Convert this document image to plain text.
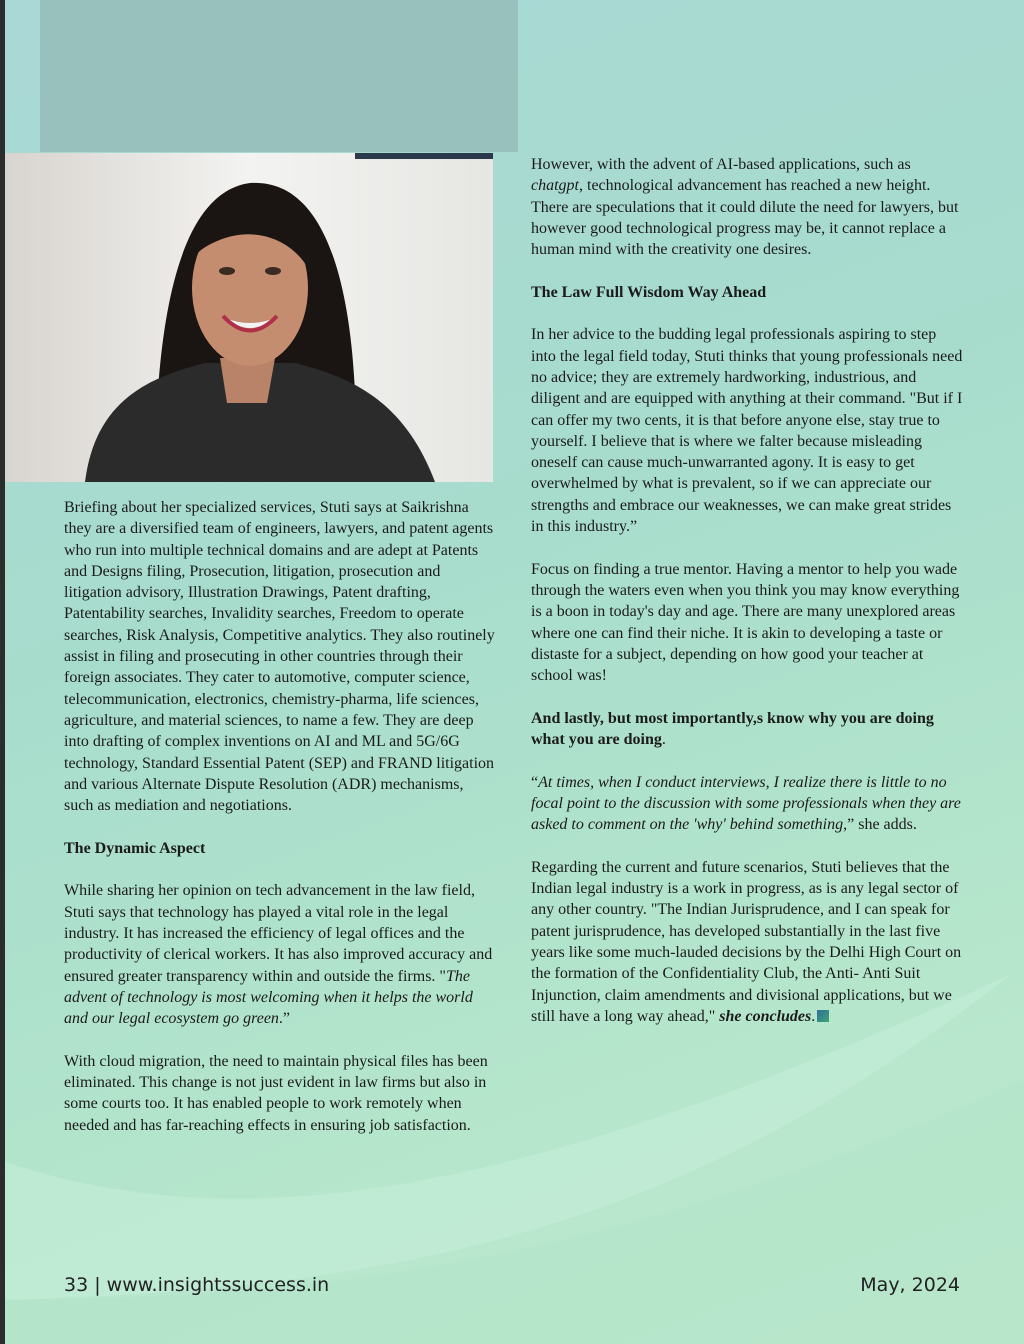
Briefing about her specialized services, Stuti says at Saikrishna they are a diversified team of engineers, lawyers, and patent agents who run into multiple technical domains and are adept at Patents and Designs filing, Prosecution, litigation, prosecution and litigation advisory, Illustration Drawings, Patent drafting, Patentability searches, Invalidity searches, Freedom to operate searches, Risk Analysis, Competitive analytics. They also routinely assist in filing and prosecuting in other countries through their foreign associates. They cater to automotive, computer science, telecommunication, electronics, chemistry-pharma, life sciences, agriculture, and material sciences, to name a few. They are deep into drafting of complex inventions on AI and ML and 5G/6G technology, Standard Essential Patent (SEP) and FRAND litigation and various Alternate Dispute Resolution (ADR) mechanisms, such as mediation and negotiations.

The Dynamic Aspect

While sharing her opinion on tech advancement in the law field, Stuti says that technology has played a vital role in the legal industry. It has increased the efficiency of legal offices and the productivity of clerical workers. It has also improved accuracy and ensured greater transparency within and outside the firms. "The advent of technology is most welcoming when it helps the world and our legal ecosystem go green.”

With cloud migration, the need to maintain physical files has been eliminated. This change is not just evident in law firms but also in some courts too. It has enabled people to work remotely when needed and has far-reaching effects in ensuring job satisfaction.

However, with the advent of AI-based applications, such as chatgpt, technological advancement has reached a new height. There are speculations that it could dilute the need for lawyers, but however good technological progress may be, it cannot replace a human mind with the creativity one desires.

The Law Full Wisdom Way Ahead

In her advice to the budding legal professionals aspiring to step into the legal field today, Stuti thinks that young professionals need no advice; they are extremely hardworking, industrious, and diligent and are equipped with anything at their command. "But if I can offer my two cents, it is that before anyone else, stay true to yourself. I believe that is where we falter because misleading oneself can cause much-unwarranted agony. It is easy to get overwhelmed by what is prevalent, so if we can appreciate our strengths and embrace our weaknesses, we can make great strides in this industry.”

Focus on finding a true mentor. Having a mentor to help you wade through the waters even when you think you may know everything is a boon in today's day and age. There are many unexplored areas where one can find their niche. It is akin to developing a taste or distaste for a subject, depending on how good your teacher at school was!

And lastly, but most importantly,s know why you are doing what you are doing.

“At times, when I conduct interviews, I realize there is little to no focal point to the discussion with some professionals when they are asked to comment on the 'why' behind something,” she adds.

Regarding the current and future scenarios, Stuti believes that the Indian legal industry is a work in progress, as is any legal sector of any other country. "The Indian Jurisprudence, and I can speak for patent jurisprudence, has developed substantially in the last five years like some much-lauded decisions by the Delhi High Court on the formation of the Confidentiality Club, the Anti- Anti Suit Injunction, claim amendments and divisional applications, but we still have a long way ahead," she concludes.

33 | www.insightssuccess.in	May, 2024
